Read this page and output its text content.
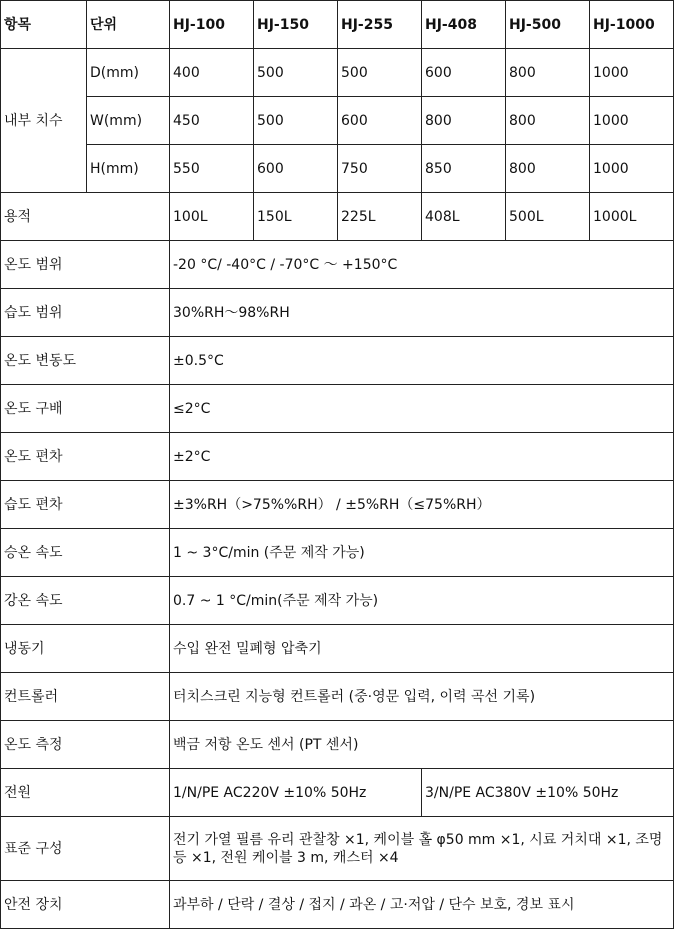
항목	단위	HJ-100	HJ-150	HJ-255	HJ-408	HJ-500	HJ-1000
내부 치수	D(mm)	400	500	500	600	800	1000
	W(mm)	450	500	600	800	800	1000
	H(mm)	550	600	750	850	800	1000
용적		100L	150L	225L	408L	500L	1000L
온도 범위		-20 °C/ -40°C / -70°C ～ +150°C					
습도 범위		30%RH～98%RH					
온도 변동도		±0.5°C					
온도 구배		≤2°C					
온도 편차		±2°C					
습도 편차		±3%RH（>75%%RH） / ±5%RH（≤75%RH）					
승온 속도		1 ~ 3°C/min (주문 제작 가능)					
강온 속도		0.7 ~ 1 °C/min(주문 제작 가능)					
냉동기		수입 완전 밀폐형 압축기					
컨트롤러		터치스크린 지능형 컨트롤러 (중·영문 입력, 이력 곡선 기록)					
온도 측정		백금 저항 온도 센서 (PT 센서)					
전원		1/N/PE AC220V ±10% 50Hz			3/N/PE AC380V ±10% 50Hz		
표준 구성		전기 가열 필름 유리 관찰창 ×1, 케이블 홀 φ50 mm ×1, 시료 거치대 ×1, 조명등 ×1, 전원 케이블 3 m, 캐스터 ×4					
안전 장치		과부하 / 단락 / 결상 / 접지 / 과온 / 고·저압 / 단수 보호, 경보 표시					
